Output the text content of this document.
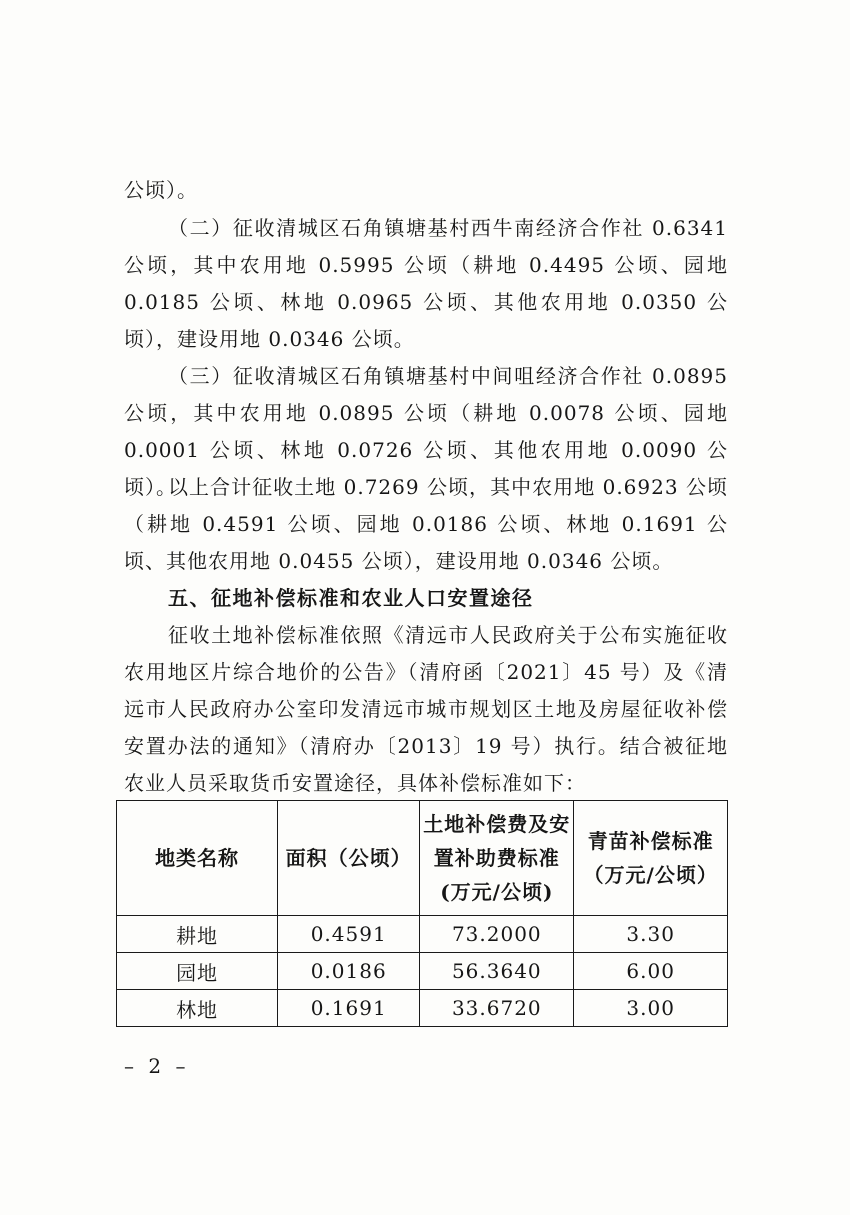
公顷）。

（二）征收清城区石角镇塘基村西牛南经济合作社 0.6341 公顷，其中农用地 0.5995 公顷（耕地 0.4495 公顷、园地 0.0185 公顷、林地 0.0965 公顷、其他农用地 0.0350 公顷），建设用地 0.0346 公顷。

（三）征收清城区石角镇塘基村中间咀经济合作社 0.0895 公顷，其中农用地 0.0895 公顷（耕地 0.0078 公顷、园地 0.0001 公顷、林地 0.0726 公顷、其他农用地 0.0090 公顷）。

以上合计征收土地 0.7269 公顷，其中农用地 0.6923 公顷（耕地 0.4591 公顷、园地 0.0186 公顷、林地 0.1691 公顷、其他农用地 0.0455 公顷），建设用地 0.0346 公顷。

五、征地补偿标准和农业人口安置途径

征收土地补偿标准依照《清远市人民政府关于公布实施征收农用地区片综合地价的公告》（清府函〔2021〕45 号）及《清远市人民政府办公室印发清远市城市规划区土地及房屋征收补偿安置办法的通知》（清府办〔2013〕19 号）执行。结合被征地农业人员采取货币安置途径，具体补偿标准如下：

地类名称	面积（公顷）	土地补偿费及安置补助费标准(万元/公顷)	青苗补偿标准（万元/公顷）
耕地	0.4591	73.2000	3.30
园地	0.0186	56.3640	6.00
林地	0.1691	33.6720	3.00
– 2 –
